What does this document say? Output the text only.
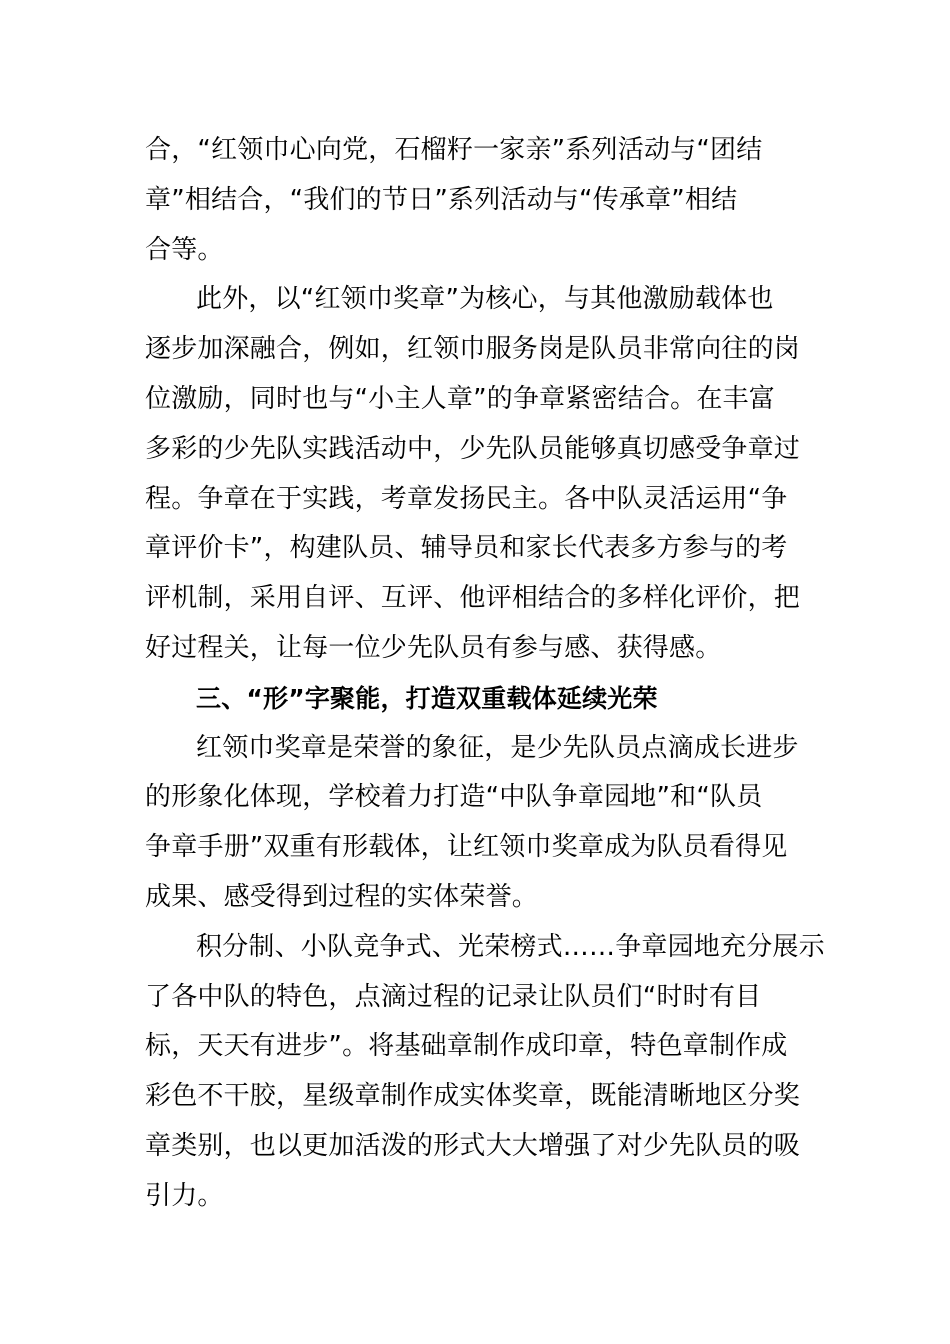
合，“红领巾心向党，石榴籽一家亲”系列活动与“团结
章”相结合，“我们的节日”系列活动与“传承章”相结
合等。
此外，以“红领巾奖章”为核心，与其他激励载体也
逐步加深融合，例如，红领巾服务岗是队员非常向往的岗
位激励，同时也与“小主人章”的争章紧密结合。在丰富
多彩的少先队实践活动中，少先队员能够真切感受争章过
程。争章在于实践，考章发扬民主。各中队灵活运用“争
章评价卡”，构建队员、辅导员和家长代表多方参与的考
评机制，采用自评、互评、他评相结合的多样化评价，把
好过程关，让每一位少先队员有参与感、获得感。
三、“形”字聚能，打造双重载体延续光荣
红领巾奖章是荣誉的象征，是少先队员点滴成长进步
的形象化体现，学校着力打造“中队争章园地”和“队员
争章手册”双重有形载体，让红领巾奖章成为队员看得见
成果、感受得到过程的实体荣誉。
积分制、小队竞争式、光荣榜式……争章园地充分展示
了各中队的特色，点滴过程的记录让队员们“时时有目
标，天天有进步”。将基础章制作成印章，特色章制作成
彩色不干胶，星级章制作成实体奖章，既能清晰地区分奖
章类别，也以更加活泼的形式大大增强了对少先队员的吸
引力。
